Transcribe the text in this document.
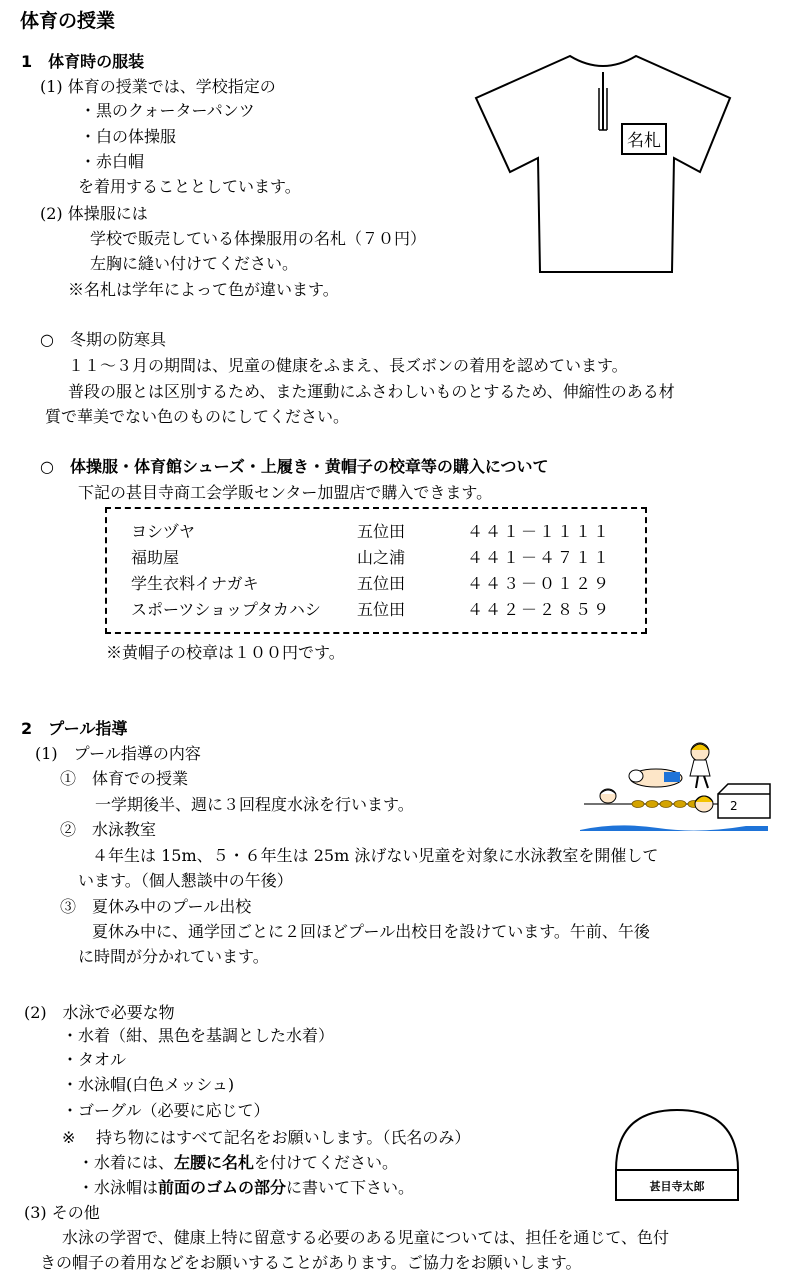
体育の授業
1　体育時の服装
(1) 体育の授業では、学校指定の
・黒のクォーターパンツ
・白の体操服
・赤白帽
を着用することとしています。
(2) 体操服には
学校で販売している体操服用の名札（７０円）
左胸に縫い付けてください。
※名札は学年によって色が違います。
名札
○　冬期の防寒具
１１～３月の期間は、児童の健康をふまえ、長ズボンの着用を認めています。
普段の服とは区別するため、また運動にふさわしいものとするため、伸縮性のある材
質で華美でない色のものにしてください。
○　体操服・体育館シューズ・上履き・黄帽子の校章等の購入について
下記の甚目寺商工会学販センター加盟店で購入できます。
ヨシヅヤ	五位田	４４１－１１１１
福助屋	山之浦	４４１－４７１１
学生衣料イナガキ	五位田	４４３－０１２９
スポーツショップタカハシ 五位田	４４２－２８５９
※黄帽子の校章は１００円です。
2　プール指導
(1)　プール指導の内容
①　体育での授業
一学期後半、週に３回程度水泳を行います。
②　水泳教室
４年生は 15m、５・６年生は 25m 泳げない児童を対象に水泳教室を開催して
います。（個人懇談中の午後）
③　夏休み中のプール出校
夏休み中に、通学団ごとに２回ほどプール出校日を設けています。午前、午後
に時間が分かれています。
2
(2)　水泳で必要な物
・水着（紺、黒色を基調とした水着）
・タオル
・水泳帽(白色メッシュ)
・ゴーグル（必要に応じて）
※ 持ち物にはすべて記名をお願いします。（氏名のみ）
・水着には、左腰に名札を付けてください。
・水泳帽は前面のゴムの部分に書いて下さい。	甚目寺太郎
(3) その他
水泳の学習で、健康上特に留意する必要のある児童については、担任を通じて、色付
きの帽子の着用などをお願いすることがあります。ご協力をお願いします。
